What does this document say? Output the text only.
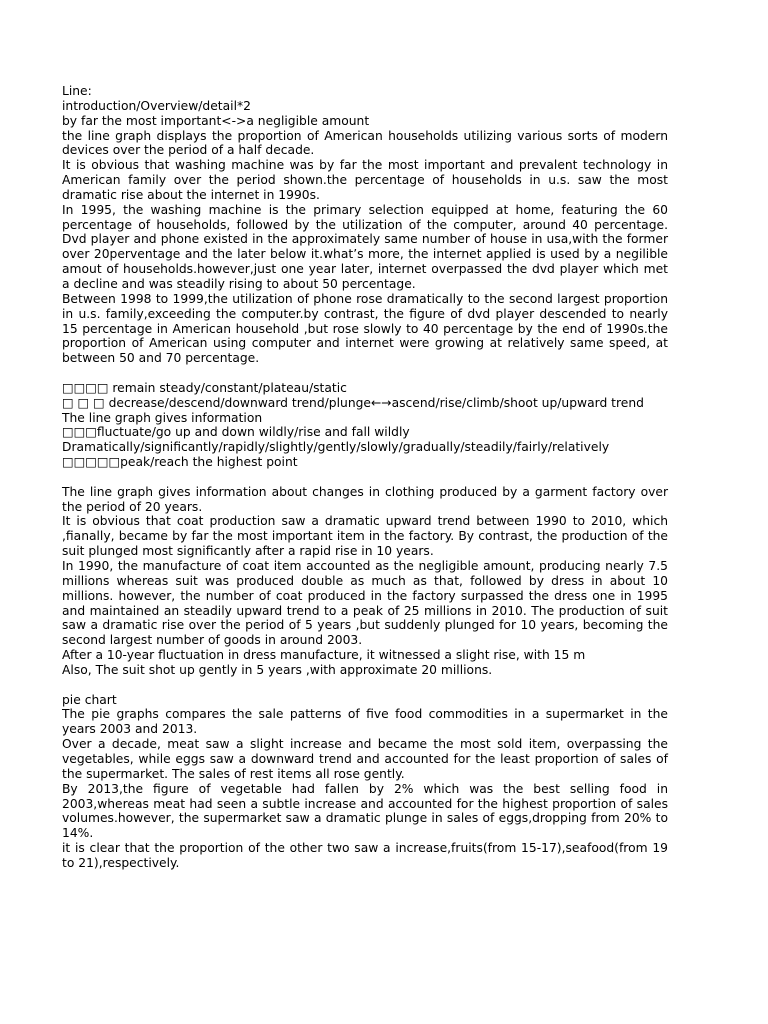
Line:

introduction/Overview/detail*2

by far the most important<->a negligible amount

the line graph displays the proportion of American households utilizing various sorts of modern devices over the period of a half decade.

It is obvious that washing machine was by far the most important and prevalent technology in American family over the period shown.the percentage of households in u.s. saw the most dramatic rise about the internet in 1990s.

In 1995, the washing machine is the primary selection equipped at home, featuring the 60 percentage of households, followed by the utilization of the computer, around 40 percentage. Dvd player and phone existed in the approximately same number of house in usa,with the former over 20perventage and the later below it.what’s more, the internet applied is used by a negilible amout of households.however,just one year later, internet overpassed the dvd player which met a decline and was steadily rising to about 50 percentage.

Between 1998 to 1999,the utilization of phone rose dramatically to the second largest proportion in u.s. family,exceeding the computer.by contrast, the figure of dvd player descended to nearly 15 percentage in American household ,but rose slowly to 40 percentage by the end of 1990s.the proportion of American using computer and internet were growing at relatively same speed, at between 50 and 70 percentage.

□□□□ remain steady/constant/plateau/static

□ □ □ decrease/descend/downward trend/plunge←→ascend/rise/climb/shoot up/upward trend

The line graph gives information

□□□fluctuate/go up and down wildly/rise and fall wildly

Dramatically/significantly/rapidly/slightly/gently/slowly/gradually/steadily/fairly/relatively

□□□□□peak/reach the highest point

The line graph gives information about changes in clothing produced by a garment factory over the period of 20 years.

It is obvious that coat production saw a dramatic upward trend between 1990 to 2010, which ,fianally, became by far the most important item in the factory. By contrast, the production of the suit plunged most significantly after a rapid rise in 10 years.

In 1990, the manufacture of coat item accounted as the negligible amount, producing nearly 7.5 millions whereas suit was produced double as much as that, followed by dress in about 10 millions. however, the number of coat produced in the factory surpassed the dress one in 1995 and maintained an steadily upward trend to a peak of 25 millions in 2010. The production of suit saw a dramatic rise over the period of 5 years ,but suddenly plunged for 10 years, becoming the second largest number of goods in around 2003.

After a 10-year fluctuation in dress manufacture, it witnessed a slight rise, with 15 m

Also, The suit shot up gently in 5 years ,with approximate 20 millions.

pie chart

The pie graphs compares the sale patterns of five food commodities in a supermarket in the years 2003 and 2013.

Over a decade, meat saw a slight increase and became the most sold item, overpassing the vegetables, while eggs saw a downward trend and accounted for the least proportion of sales of the supermarket. The sales of rest items all rose gently.

By 2013,the figure of vegetable had fallen by 2% which was the best selling food in 2003,whereas meat had seen a subtle increase and accounted for the highest proportion of sales volumes.however, the supermarket saw a dramatic plunge in sales of eggs,dropping from 20% to 14%.

it is clear that the proportion of the other two saw a increase,fruits(from 15-17),seafood(from 19 to 21),respectively.
